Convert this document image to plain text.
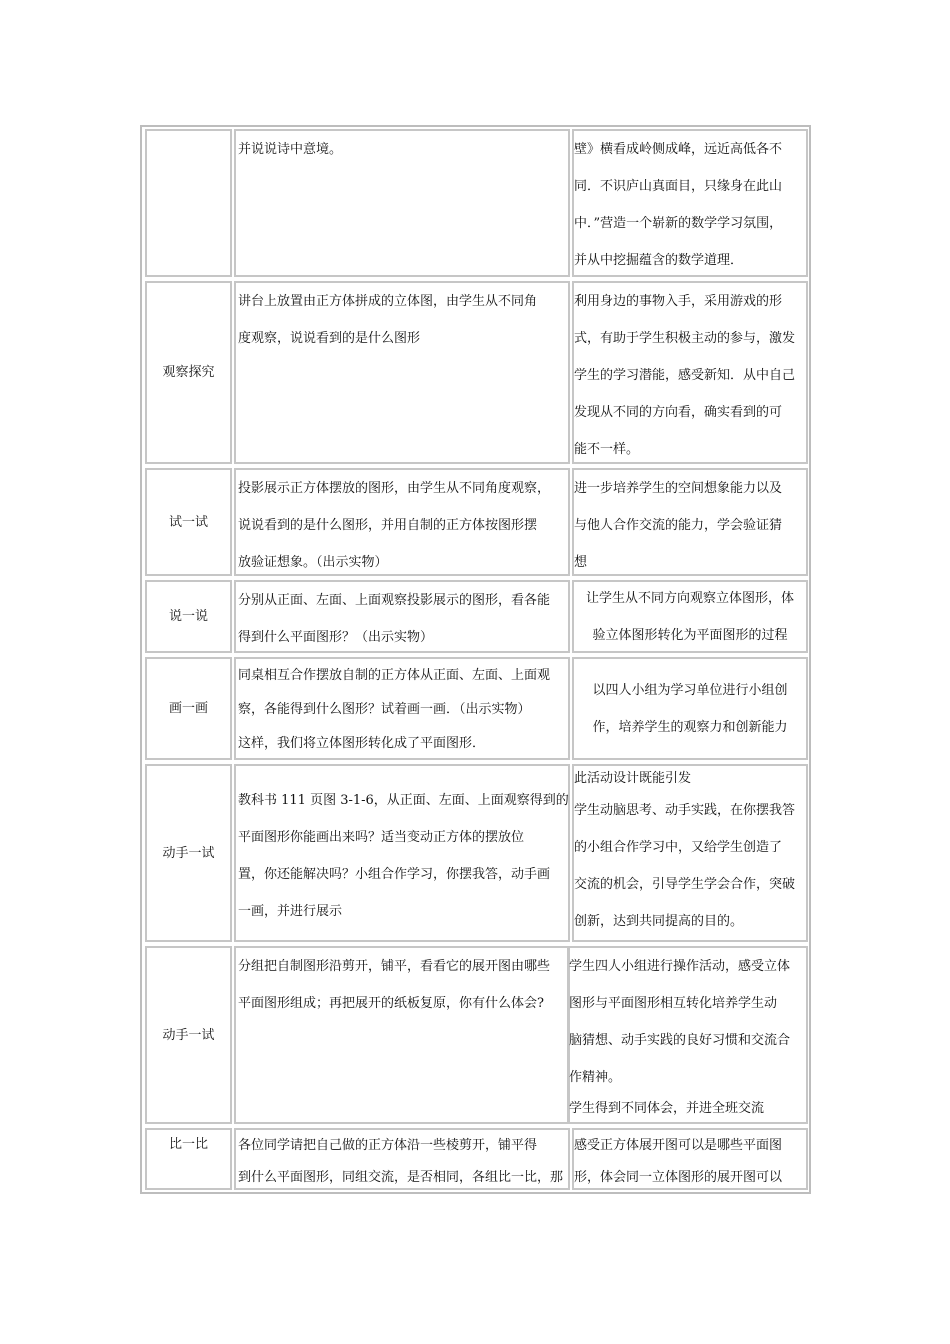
并说说诗中意境。	壁》横看成岭侧成峰，远近高低各不
同．不识庐山真面目，只缘身在此山
中．”营造一个崭新的数学学习氛围，
并从中挖掘蕴含的数学道理．
观察探究
讲台上放置由正方体拼成的立体图，由学生从不同角
度观察，说说看到的是什么图形
利用身边的事物入手，采用游戏的形
式，有助于学生积极主动的参与，激发
学生的学习潜能，感受新知．从中自己
发现从不同的方向看，确实看到的可
能不一样。
试一试
投影展示正方体摆放的图形，由学生从不同角度观察，
说说看到的是什么图形，并用自制的正方体按图形摆
放验证想象。（出示实物）
进一步培养学生的空间想象能力以及
与他人合作交流的能力，学会验证猜
想
说一说
分别从正面、左面、上面观察投影展示的图形，看各能
得到什么平面图形？（出示实物）
让学生从不同方向观察立体图形，体
验立体图形转化为平面图形的过程
画一画
同桌相互合作摆放自制的正方体从正面、左面、上面观
察，各能得到什么图形？试着画一画．（出示实物）
这样，我们将立体图形转化成了平面图形．
以四人小组为学习单位进行小组创
作，培养学生的观察力和创新能力
动手一试
教科书 111 页图 3-1-6，从正面、左面、上面观察得到的
平面图形你能画出来吗？适当变动正方体的摆放位
置，你还能解决吗？小组合作学习，你摆我答，动手画
一画，并进行展示
此活动设计既能引发
学生动脑思考、动手实践，在你摆我答
的小组合作学习中，又给学生创造了
交流的机会，引导学生学会合作，突破
创新，达到共同提高的目的。
动手一试
分组把自制图形沿剪开，铺平，看看它的展开图由哪些
平面图形组成；再把展开的纸板复原，你有什么体会?
学生四人小组进行操作活动，感受立体
图形与平面图形相互转化培养学生动
脑猜想、动手实践的良好习惯和交流合
作精神。
学生得到不同体会，并进全班交流
比一比	各位同学请把自己做的正方体沿一些棱剪开，铺平得
到什么平面图形，同组交流，是否相同，各组比一比，那
感受正方体展开图可以是哪些平面图
形，体会同一立体图形的展开图可以
